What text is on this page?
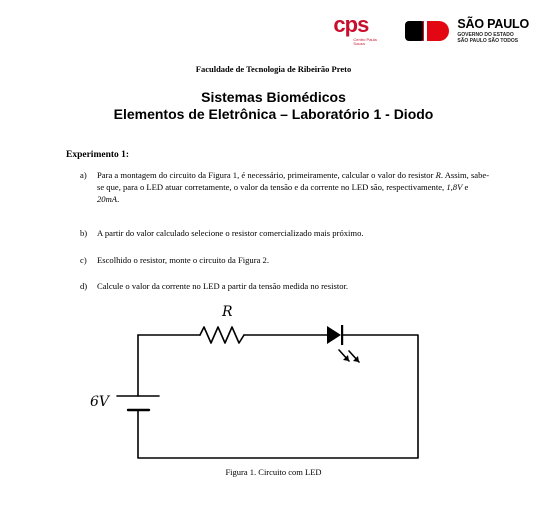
cps
Centro Paula Souza
SÃO PAULO
GOVERNO DO ESTADO
SÃO PAULO SÃO TODOS
Faculdade de Tecnologia de Ribeirão Preto
Sistemas Biomédicos
Elementos de Eletrônica – Laboratório 1 - Diodo
Experimento 1:
a)	Para a montagem do circuito da Figura 1, é necessário, primeiramente, calcular o valor do resistor R. Assim, sabe-se que, para o LED atuar corretamente, o valor da tensão e da corrente no LED são, respectivamente, 1,8V e 20mA.
b)	A partir do valor calculado selecione o resistor comercializado mais próximo.
c)	Escolhido o resistor, monte o circuito da Figura 2.
d)	Calcule o valor da corrente no LED a partir da tensão medida no resistor.
R
6V
Figura 1. Circuito com LED
